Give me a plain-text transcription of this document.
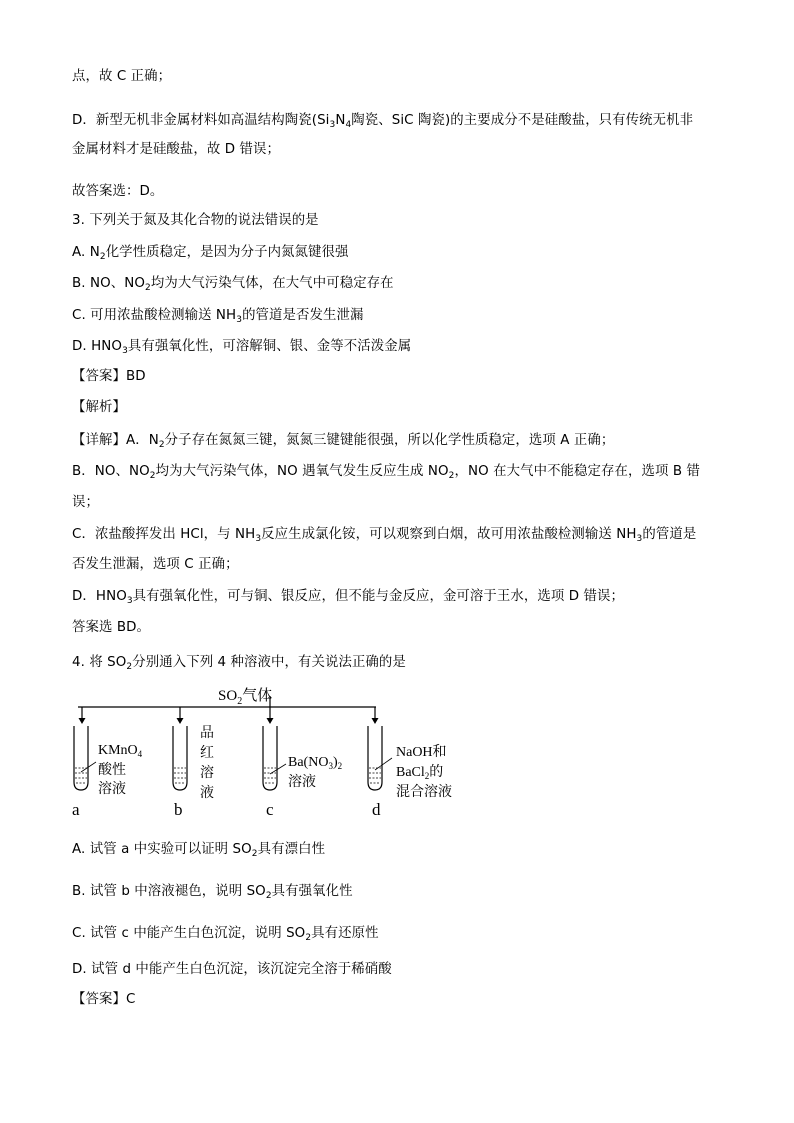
点，故 C 正确；
D．新型无机非金属材料如高温结构陶瓷($Si_3N_4$陶瓷、SiC 陶瓷)的主要成分不是硅酸盐，只有传统无机非
金属材料才是硅酸盐，故 D 错误；
故答案选：D。
3. 下列关于氮及其化合物的说法错误的是
A. $N_2$化学性质稳定，是因为分子内氮氮键很强
B. NO、$NO_2$均为大气污染气体，在大气中可稳定存在
C. 可用浓盐酸检测输送 $NH_3$的管道是否发生泄漏
D. $HNO_3$具有强氧化性，可溶解铜、银、金等不活泼金属
【答案】BD
【解析】
【详解】A．$N_2$分子存在氮氮三键，氮氮三键键能很强，所以化学性质稳定，选项 A 正确；
B．NO、$NO_2$均为大气污染气体，NO 遇氧气发生反应生成 $NO_2$，NO 在大气中不能稳定存在，选项 B 错
误；
C．浓盐酸挥发出 HCl，与 $NH_3$反应生成氯化铵，可以观察到白烟，故可用浓盐酸检测输送 $NH_3$的管道是
否发生泄漏，选项 C 正确；
D．$HNO_3$具有强氧化性，可与铜、银反应，但不能与金反应，金可溶于王水，选项 D 错误；
答案选 BD。
4. 将 $SO_2$分别通入下列 4 种溶液中，有关说法正确的是
$SO_2$气体
KMnO$_4$
酸性
溶液
a
品
红
溶
液
b
$Ba(NO_3)_2$
溶液
c
NaOH和
BaCl$_2$的
混合溶液
d
A. 试管 a 中实验可以证明 $SO_2$具有漂白性
B. 试管 b 中溶液褪色，说明 $SO_2$具有强氧化性
C. 试管 c 中能产生白色沉淀，说明 $SO_2$具有还原性
D. 试管 d 中能产生白色沉淀，该沉淀完全溶于稀硝酸
【答案】C
